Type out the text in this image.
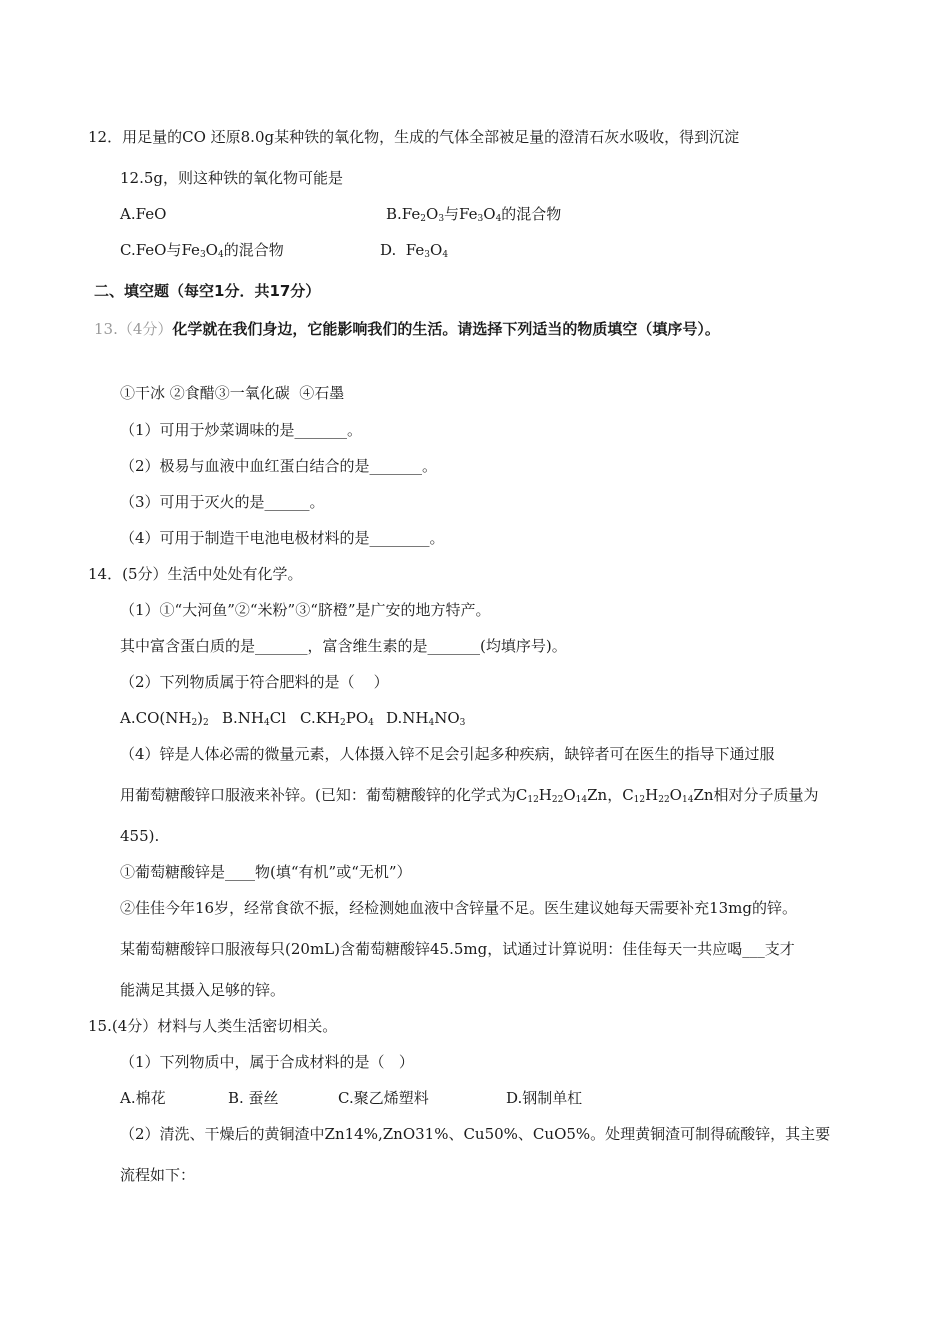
12．用足量的CO 还原8.0g某种铁的氧化物，生成的气体全部被足量的澄清石灰水吸收，得到沉淀
12.5g，则这种铁的氧化物可能是
A.FeO	$B.Fe_2O_3$与$Fe_3O_4$的混合物
C.FeO与$Fe_3O_4$的混合物	D.  $Fe_3O_4$
二、填空题（每空1分．共17分）
13.（4分）化学就在我们身边，它能影响我们的生活。请选择下列适当的物质填空（填序号）。
①干冰 ②食醋③一氧化碳  ④石墨
（1）可用于炒菜调味的是_______。
（2）极易与血液中血红蛋白结合的是_______。
（3）可用于灭火的是______。
（4）可用于制造干电池电极材料的是________。
14．(5分）生活中处处有化学。
（1）①“大河鱼”②“米粉”③“脐橙”是广安的地方特产。
其中富含蛋白质的是_______，富含维生素的是_______(均填序号)。
（2）下列物质属于符合肥料的是（    ）
$A.CO(NH_2)_2$ $B.NH_4Cl$ $C.KH_2PO_4$ $D.NH_4NO_3$
（4）锌是人体必需的微量元素，人体摄入锌不足会引起多种疾病，缺锌者可在医生的指导下通过服
用葡萄糖酸锌口服液来补锌。(已知：葡萄糖酸锌的化学式为$C_{12}H_{22}O_{14}Zn$，$C_{12}H_{22}O_{14}Zn$相对分子质量为
455).
①葡萄糖酸锌是____物(填“有机”或“无机”）
②佳佳今年16岁，经常食欲不振，经检测她血液中含锌量不足。医生建议她每天需要补充13mg的锌。
某葡萄糖酸锌口服液每只(20mL)含葡萄糖酸锌45.5mg，试通过计算说明：佳佳每天一共应喝___支才
能满足其摄入足够的锌。
15.(4分）材料与人类生活密切相关。
（1）下列物质中，属于合成材料的是（   ）
A.棉花	B. 蚕丝	C.聚乙烯塑料	D.钢制单杠
（2）清洗、干燥后的黄铜渣中Zn14%,ZnO31%、Cu50%、CuO5%。处理黄铜渣可制得硫酸锌，其主要
流程如下：
